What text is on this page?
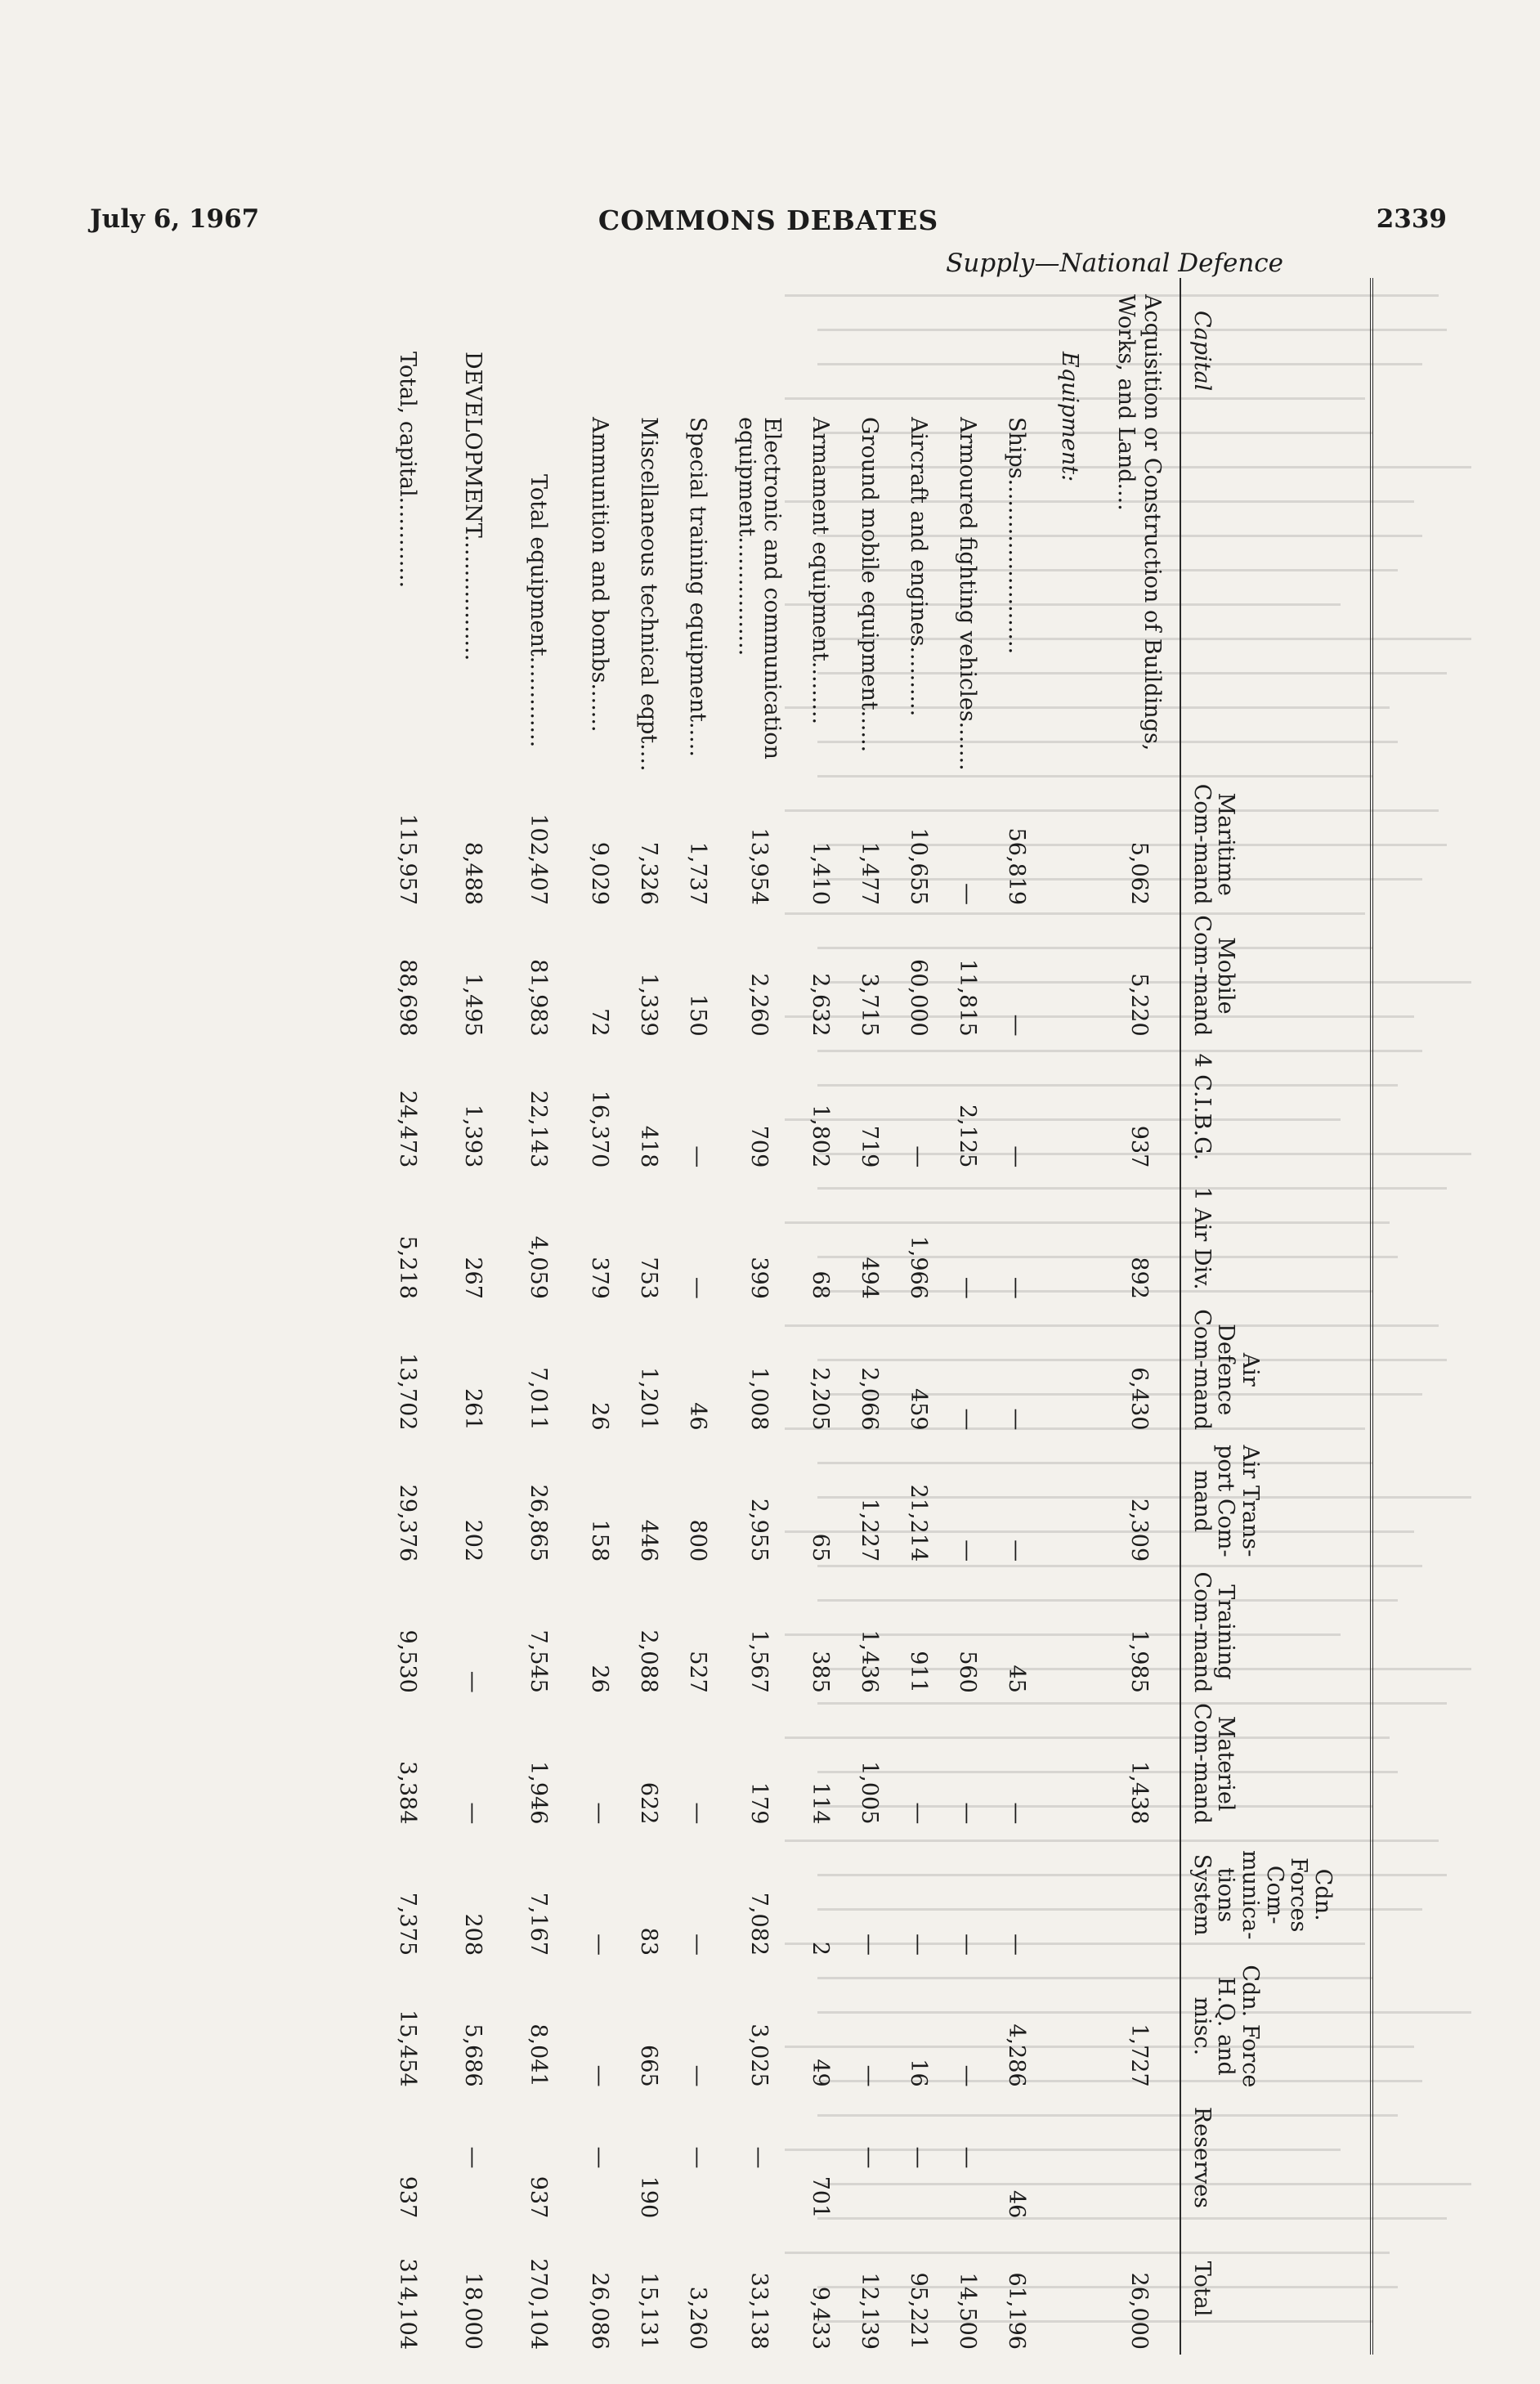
July 6, 1967	COMMONS DEBATES	2339
Supply—National Defence
Capital	Maritime Com-mand	Mobile Com-mand	4 C.I.B.G.	1 Air Div.	Air Defence Com-mand	Air Trans-port Com-mand	Training Com-mand	Materiel Com-mand	Cdn. Forces Com-munica-tions System	Cdn. Force H.Q. and misc.	Reserves	Total
Acquisition or Construction of Buildings, Works, and Land....	5,062	5,220	937	892	6,430	2,309	1,985	1,438		1,727		26,000
Equipment:												
Ships.........................	56,819	—	—	—	—	—	45	—	—	4,286	46	61,196
Armoured fighting vehicles.......	—	11,815	2,125	—	—	—	560	—	—	—	—	14,500
Aircraft and engines..........	10,655	60,000	—	1,966	459	21,214	911	—	—	16	—	95,221
Ground mobile equipment......	1,477	3,715	719	494	2,066	1,227	1,436	1,005	—	—	—	12,139
Armament equipment.........	1,410	2,632	1,802	68	2,205	65	385	114	2	49	701	9,433
Electronic and communication equipment.................	13,954	2,260	709	399	1,008	2,955	1,567	179	7,082	3,025	—	33,138
Special training equipment.....	1,737	150	—	—	46	800	527	—	—	—	—	3,260
Miscellaneous technical eqpt....	7,326	1,339	418	753	1,201	446	2,088	622	83	665	190	15,131
Ammunition and bombs.......	9,029	72	16,370	379	26	158	26	—	—	—	—	26,086
Total equipment.............	102,407	81,983	22,143	4,059	7,011	26,865	7,545	1,946	7,167	8,041	937	270,104
DEVELOPMENT..................	8,488	1,495	1,393	267	261	202	—	—	208	5,686	—	18,000
Total, capital.............	115,957	88,698	24,473	5,218	13,702	29,376	9,530	3,384	7,375	15,454	937	314,104
